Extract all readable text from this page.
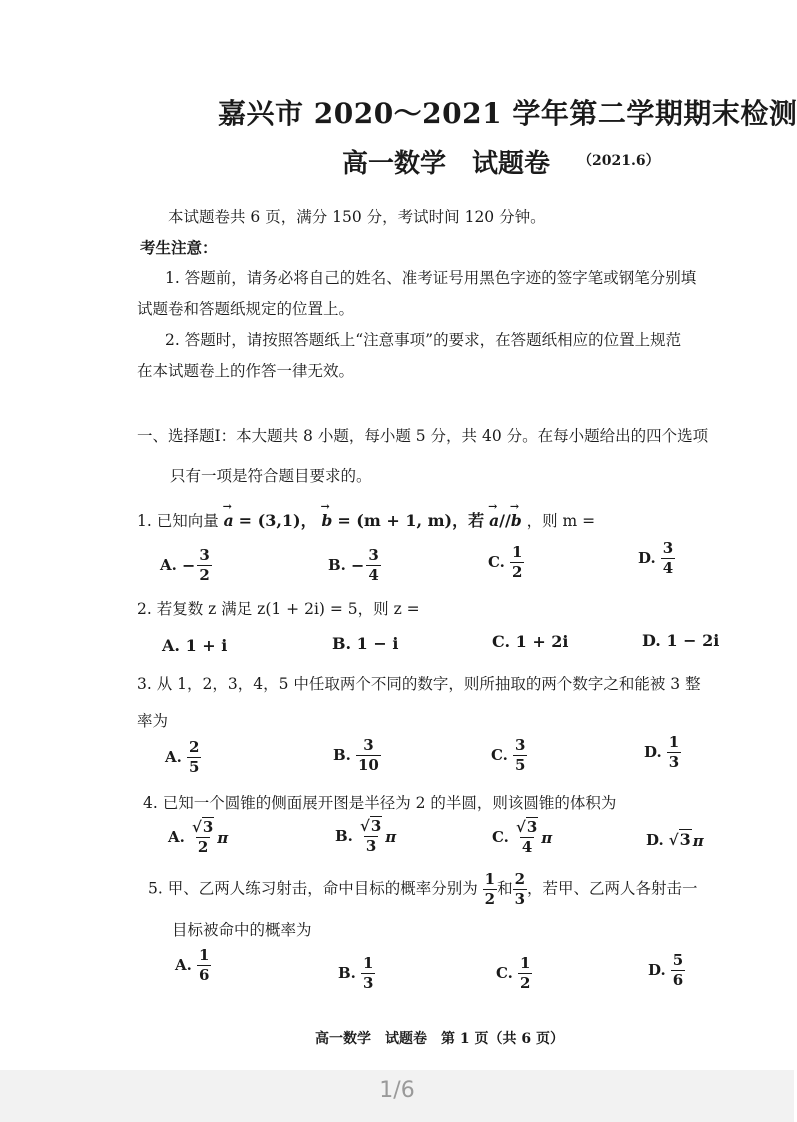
嘉兴市 2020～2021 学年第二学期期末检测
高一数学　试题卷 （2021.6）
本试题卷共 6 页，满分 150 分，考试时间 120 分钟。
考生注意：
1. 答题前，请务必将自己的姓名、准考证号用黑色字迹的签字笔或钢笔分别填
试题卷和答题纸规定的位置上。
2. 答题时，请按照答题纸上“注意事项”的要求，在答题纸相应的位置上规范
在本试题卷上的作答一律无效。
一、选择题Ⅰ：本大题共 8 小题，每小题 5 分，共 40 分。在每小题给出的四个选项
只有一项是符合题目要求的。
1. 已知向量 → a = (3,1)， → b = (m + 1, m)，若 → a//→ b ，则 m =
A. − $\frac{3}{2}$	B. − $\frac{3}{4}$	C. $\frac{1}{2}$	D. $\frac{3}{4}$
2. 若复数 z 满足 z(1 + 2i) = 5，则 z =
A. 1 + i	B. 1 − i	C. 1 + 2i	D. 1 − 2i
3. 从 1，2，3，4，5 中任取两个不同的数字，则所抽取的两个数字之和能被 3 整
率为
A. $\frac{2}{5}$	B. $\frac{3}{10}$	C. $\frac{3}{5}$	D. $\frac{1}{3}$
4. 已知一个圆锥的侧面展开图是半径为 2 的半圆，则该圆锥的体积为
A. $\frac{√3}{2}$ π	B. $\frac{√3}{3}$ π	C. $\frac{√3}{4}$ π	D. √3 π
5. 甲、乙两人练习射击，命中目标的概率分别为 $\frac{1}{2}$ 和 $\frac{2}{3}$ ，若甲、乙两人各射击一
目标被命中的概率为
A. $\frac{1}{6}$	B. $\frac{1}{3}$	C. $\frac{1}{2}$	D. $\frac{5}{6}$
高一数学　试题卷　第 1 页（共 6 页）
1/6
